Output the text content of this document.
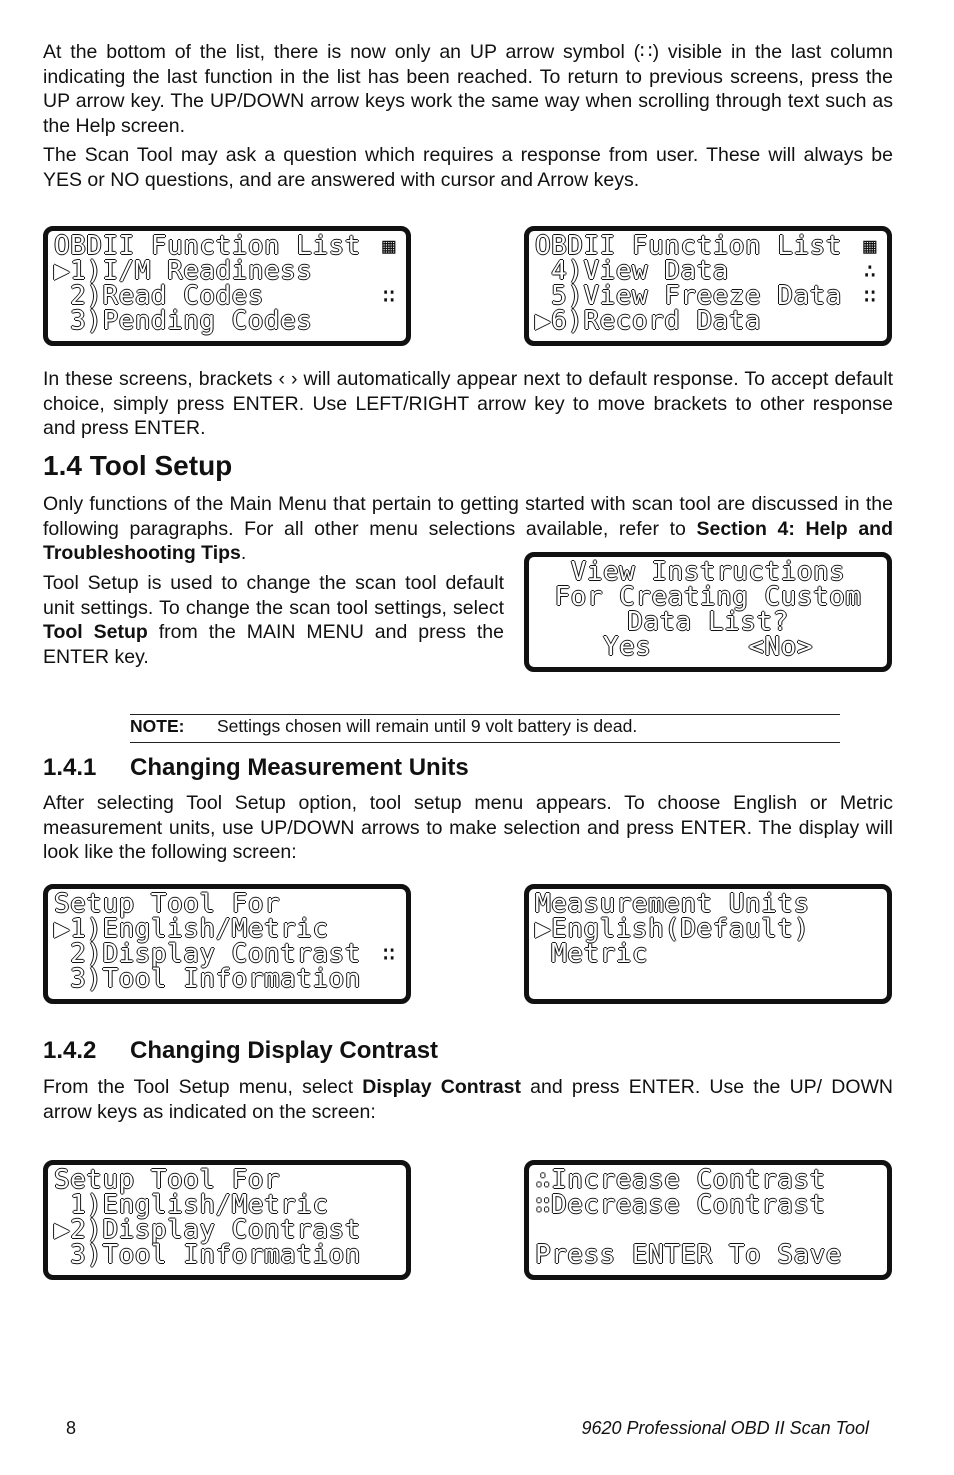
At the bottom of the list, there is now only an UP arrow symbol (∷) visible in the last column indicating the last function in the list has been reached. To return to previous screens, press the UP arrow key. The UP/DOWN arrow keys work the same way when scrolling through text such as the Help screen.

The Scan Tool may ask a question which requires a response from user. These will always be YES or NO questions, and are answered with cursor and Arrow keys.

OBDII Function List ▦
▶1)I/M Readiness
2)Read Codes	∷
3)Pending Codes
OBDII Function List ▦
4)View Data	∴
5)View Freeze Data ∷
▶6)Record Data

In these screens, brackets ‹ › will automatically appear next to default response. To accept default choice, simply press ENTER. Use LEFT/RIGHT arrow key to move brackets to other response and press ENTER.

1.4 Tool Setup

Only functions of the Main Menu that pertain to getting started with scan tool are discussed in the following paragraphs. For all other menu selections available, refer to Section 4: Help and Troubleshooting Tips.

Tool Setup is used to change the scan tool default unit settings. To change the scan tool settings, select Tool Setup from the MAIN MENU and press the ENTER key.

View Instructions
For Creating Custom
Data List?
Yes      <No>
NOTE: Settings chosen will remain until 9 volt battery is dead.
1.4.1 Changing Measurement Units

After selecting Tool Setup option, tool setup menu appears. To choose English or Metric measurement units, use UP/DOWN arrows to make selection and press ENTER. The display will look like the following screen:

Setup Tool For
▶1)English/Metric
2)Display Contrast ∷
3)Tool Information
Measurement Units
▶English(Default)
Metric
1.4.2 Changing Display Contrast

From the Tool Setup menu, select Display Contrast and press ENTER. Use the UP/ DOWN arrow keys as indicated on the screen:

Setup Tool For
1)English/Metric
▶2)Display Contrast
3)Tool Information
∴Increase Contrast
∷Decrease Contrast
Press ENTER To Save
8	9620 Professional OBD II Scan Tool
